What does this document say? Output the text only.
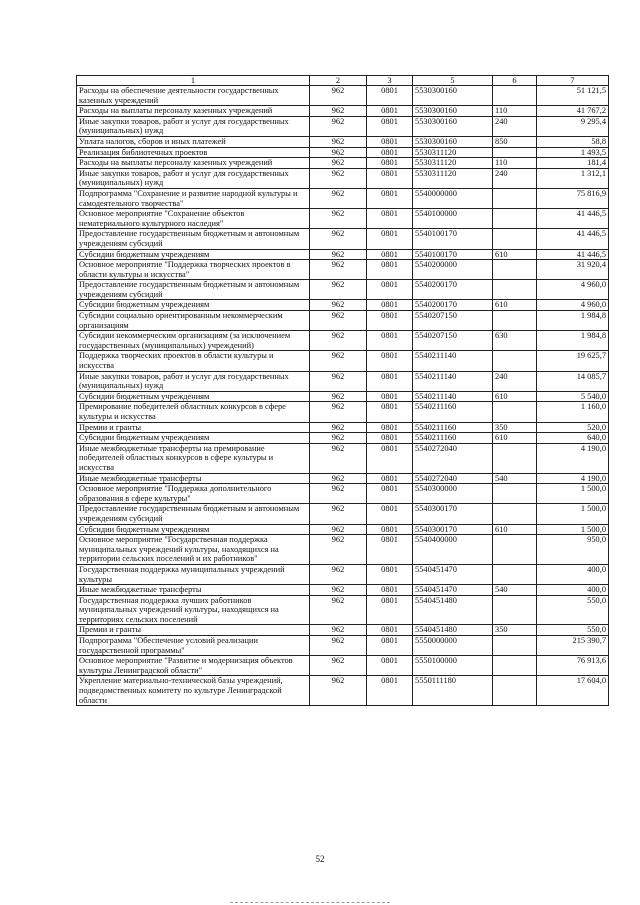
1	2	3	5	6	7
Расходы на обеспечение деятельности государственных казенных учреждений	962	0801	5530300160		51 121,5
Расходы на выплаты персоналу казенных учреждений	962	0801	5530300160	110	41 767,2
Иные закупки товаров, работ и услуг для государственных (муниципальных) нужд	962	0801	5530300160	240	9 295,4
Уплата налогов, сборов и иных платежей	962	0801	5530300160	850	58,8
Реализация библиотечных проектов	962	0801	5530311120		1 493,5
Расходы на выплаты персоналу казенных учреждений	962	0801	5530311120	110	181,4
Иные закупки товаров, работ и услуг для государственных (муниципальных) нужд	962	0801	5530311120	240	1 312,1
Подпрограмма "Сохранение и развитие народной культуры и самодеятельного творчества"	962	0801	5540000000		75 816,9
Основное мероприятие "Сохранение объектов нематериального культурного наследия"	962	0801	5540100000		41 446,5
Предоставление государственным бюджетным и автономным учреждениям субсидий	962	0801	5540100170		41 446,5
Субсидии бюджетным учреждениям	962	0801	5540100170	610	41 446,5
Основное мероприятие "Поддержка творческих проектов в области культуры и искусства"	962	0801	5540200000		31 920,4
Предоставление государственным бюджетным и автономным учреждениям субсидий	962	0801	5540200170		4 960,0
Субсидии бюджетным учреждениям	962	0801	5540200170	610	4 960,0
Субсидии социально ориентированным некоммерческим организациям	962	0801	5540207150		1 984,8
Субсидии некоммерческим организациям (за исключением государственных (муниципальных) учреждений)	962	0801	5540207150	630	1 984,8
Поддержка творческих проектов в области культуры и искусства	962	0801	5540211140		19 625,7
Иные закупки товаров, работ и услуг для государственных (муниципальных) нужд	962	0801	5540211140	240	14 085,7
Субсидии бюджетным учреждениям	962	0801	5540211140	610	5 540,0
Премирование победителей областных конкурсов в сфере культуры и искусства	962	0801	5540211160		1 160,0
Премии и гранты	962	0801	5540211160	350	520,0
Субсидии бюджетным учреждениям	962	0801	5540211160	610	640,0
Иные межбюджетные трансферты на премирование победителей областных конкурсов в сфере культуры и искусства	962	0801	5540272040		4 190,0
Иные межбюджетные трансферты	962	0801	5540272040	540	4 190,0
Основное мероприятие "Поддержка дополнительного образования в сфере культуры"	962	0801	5540300000		1 500,0
Предоставление государственным бюджетным и автономным учреждениям субсидий	962	0801	5540300170		1 500,0
Субсидии бюджетным учреждениям	962	0801	5540300170	610	1 500,0
Основное мероприятие "Государственная поддержка муниципальных учреждений культуры, находящихся на территории сельских поселений и их работников"	962	0801	5540400000		950,0
Государственная поддержка муниципальных учреждений культуры	962	0801	5540451470		400,0
Иные межбюджетные трансферты	962	0801	5540451470	540	400,0
Государственная поддержка лучших работников муниципальных учреждений культуры, находящихся на территориях сельских поселений	962	0801	5540451480		550,0
Премии и гранты	962	0801	5540451480	350	550,0
Подпрограмма "Обеспечение условий реализации государственной программы"	962	0801	5550000000		215 390,7
Основное мероприятие "Развитие и модернизация объектов культуры Ленинградской области"	962	0801	5550100000		76 913,6
Укрепление материально-технической базы учреждений, подведомственных комитету по культуре Ленинградской области	962	0801	5550111180		17 604,0
52
